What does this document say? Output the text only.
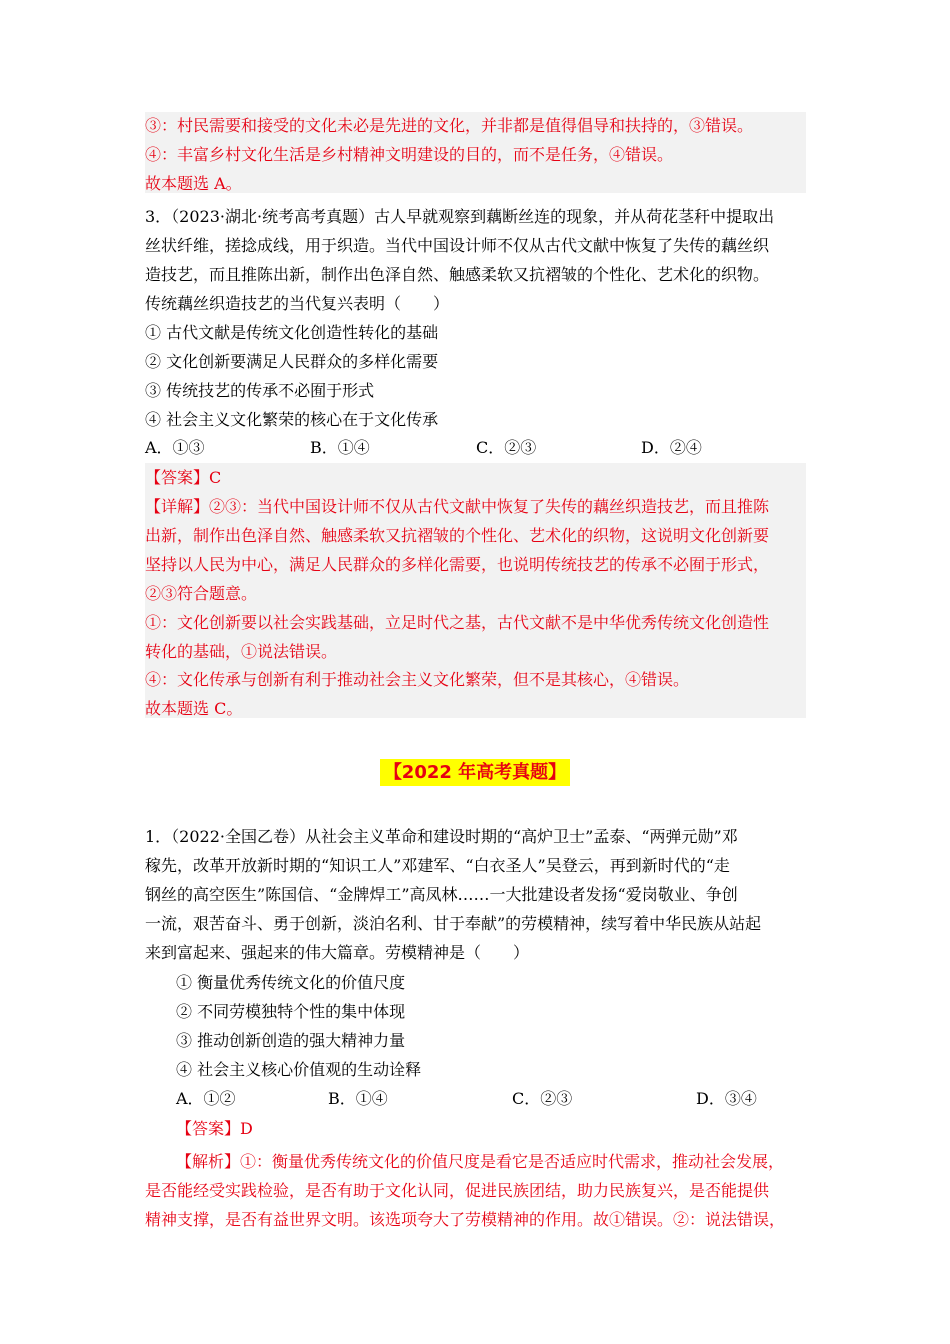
③：村民需要和接受的文化未必是先进的文化，并非都是值得倡导和扶持的，③错误。
④：丰富乡村文化生活是乡村精神文明建设的目的，而不是任务，④错误。
故本题选 A。
3．（2023·湖北·统考高考真题）古人早就观察到藕断丝连的现象，并从荷花茎秆中提取出
丝状纤维，搓捻成线，用于织造。当代中国设计师不仅从古代文献中恢复了失传的藕丝织
造技艺，而且推陈出新，制作出色泽自然、触感柔软又抗褶皱的个性化、艺术化的织物。
传统藕丝织造技艺的当代复兴表明（　　）
① 古代文献是传统文化创造性转化的基础
② 文化创新要满足人民群众的多样化需要
③ 传统技艺的传承不必囿于形式
④ 社会主义文化繁荣的核心在于文化传承
A．①③	B．①④	C．②③	D．②④
【答案】C
【详解】②③：当代中国设计师不仅从古代文献中恢复了失传的藕丝织造技艺，而且推陈
出新，制作出色泽自然、触感柔软又抗褶皱的个性化、艺术化的织物，这说明文化创新要
坚持以人民为中心，满足人民群众的多样化需要，也说明传统技艺的传承不必囿于形式，
②③符合题意。
①：文化创新要以社会实践基础，立足时代之基，古代文献不是中华优秀传统文化创造性
转化的基础，①说法错误。
④：文化传承与创新有利于推动社会主义文化繁荣，但不是其核心，④错误。
故本题选 C。
【2022 年高考真题】
1．（2022·全国乙卷）从社会主义革命和建设时期的“高炉卫士”孟泰、“两弹元勋”邓
稼先，改革开放新时期的“知识工人”邓建军、“白衣圣人”吴登云，再到新时代的“走
钢丝的高空医生”陈国信、“金牌焊工”高凤林……一大批建设者发扬“爱岗敬业、争创
一流，艰苦奋斗、勇于创新，淡泊名利、甘于奉献”的劳模精神，续写着中华民族从站起
来到富起来、强起来的伟大篇章。劳模精神是（　　）
① 衡量优秀传统文化的价值尺度
② 不同劳模独特个性的集中体现
③ 推动创新创造的强大精神力量
④ 社会主义核心价值观的生动诠释
A．①②	B．①④	C．②③	D．③④
【答案】D
【解析】①：衡量优秀传统文化的价值尺度是看它是否适应时代需求，推动社会发展，
是否能经受实践检验，是否有助于文化认同，促进民族团结，助力民族复兴，是否能提供
精神支撑，是否有益世界文明。该选项夸大了劳模精神的作用。故①错误。②：说法错误，
